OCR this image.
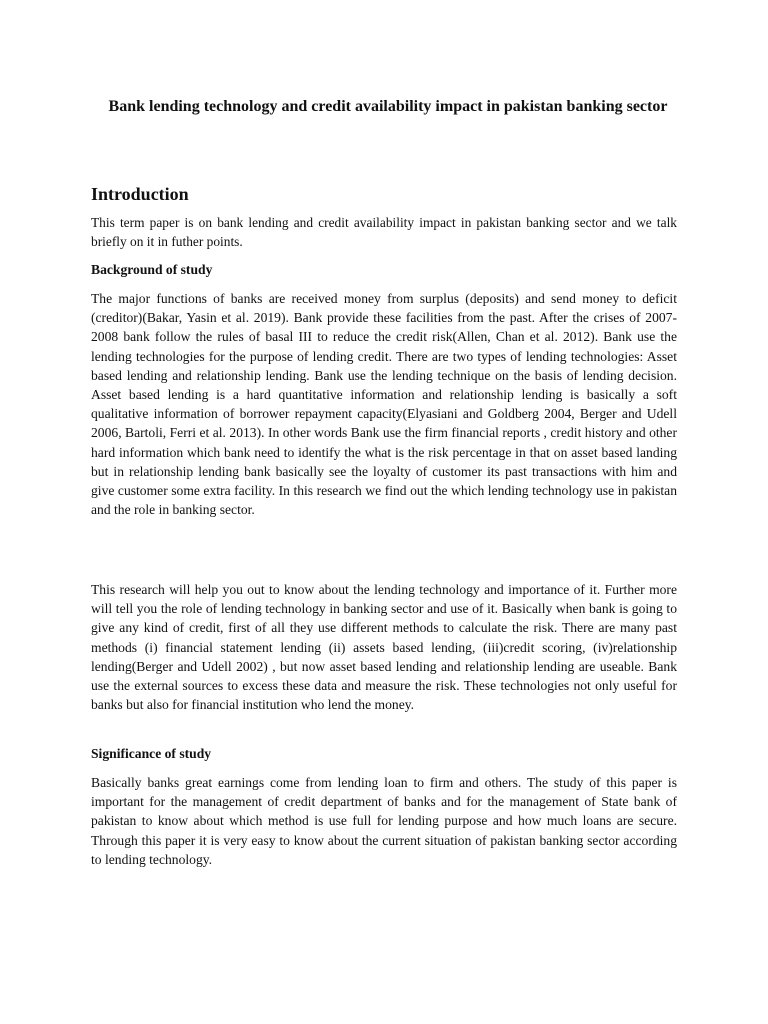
Bank lending technology and credit availability impact in pakistan banking sector
Introduction

This term paper is on bank lending and credit availability impact in pakistan banking sector and we talk briefly on it in futher points.

Background of study

The major functions of banks are received money from surplus (deposits) and send money to deficit (creditor)(Bakar, Yasin et al. 2019). Bank provide these facilities from the past. After the crises of 2007-2008 bank follow the rules of basal III to reduce the credit risk(Allen, Chan et al. 2012). Bank use the lending technologies for the purpose of lending credit. There are two types of lending technologies: Asset based lending and relationship lending. Bank use the lending technique on the basis of lending decision. Asset based lending is a hard quantitative information and relationship lending is basically a soft qualitative information of borrower repayment capacity(Elyasiani and Goldberg 2004, Berger and Udell 2006, Bartoli, Ferri et al. 2013). In other words Bank use the firm financial reports , credit history and other hard information which bank need to identify the what is the risk percentage in that on asset based landing but in relationship lending bank basically see the loyalty of customer its past transactions with him and give customer some extra facility. In this research we find out the which lending technology use in pakistan and the role in banking sector.

This research will help you out to know about the lending technology and importance of it. Further more will tell you the role of lending technology in banking sector and use of it. Basically when bank is going to give any kind of credit, first of all they use different methods to calculate the risk. There are many past methods (i) financial statement lending (ii) assets based lending, (iii)credit scoring, (iv)relationship lending(Berger and Udell 2002) , but now asset based lending and relationship lending are useable. Bank use the external sources to excess these data and measure the risk. These technologies not only useful for banks but also for financial institution who lend the money.

Significance of study

Basically banks great earnings come from lending loan to firm and others. The study of this paper is important for the management of credit department of banks and for the management of State bank of pakistan to know about which method is use full for lending purpose and how much loans are secure. Through this paper it is very easy to know about the current situation of pakistan banking sector according to lending technology.
